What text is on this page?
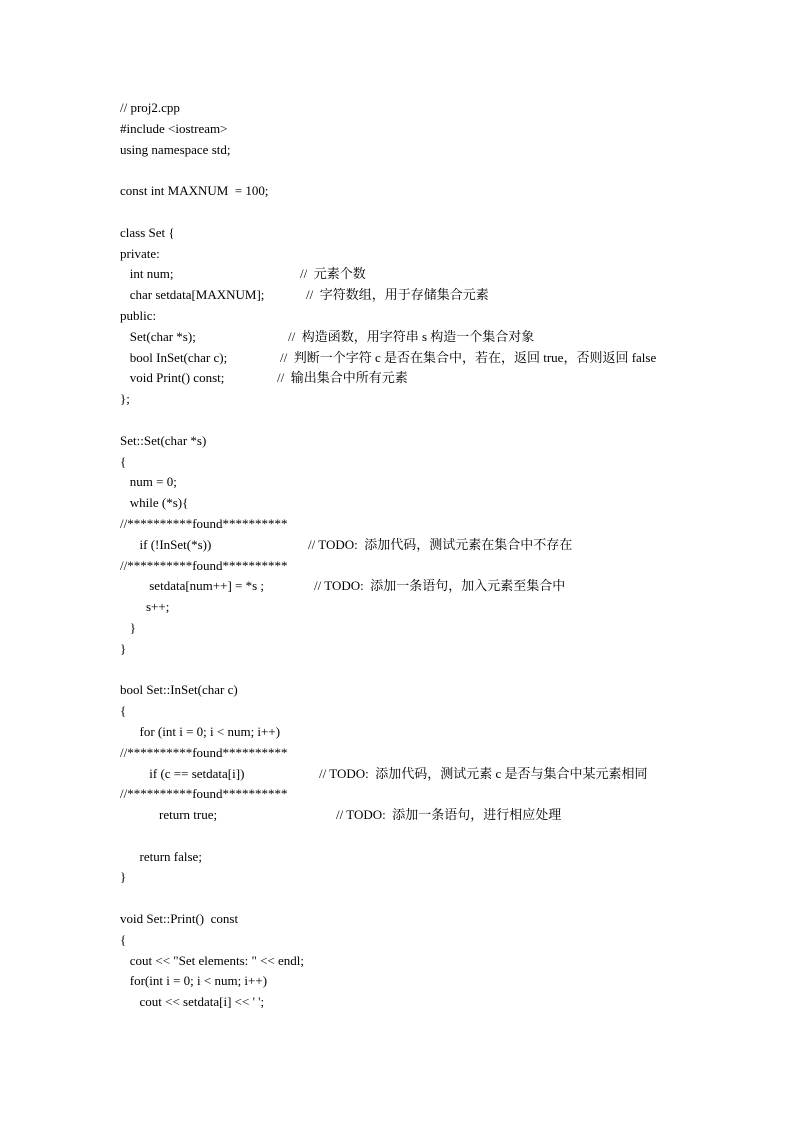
// proj2.cpp
#include <iostream>
using namespace std;
const int MAXNUM  = 100;
class Set {
private:
int num;	//  元素个数
char setdata[MAXNUM];	//  字符数组，用于存储集合元素
public:
Set(char *s);	//  构造函数，用字符串 s 构造一个集合对象
bool InSet(char c);	//  判断一个字符 c 是否在集合中，若在，返回 true，否则返回 false
void Print() const;	//  输出集合中所有元素
};
Set::Set(char *s)
{
num = 0;
while (*s){
//**********found**********
if (!InSet(*s))	// TODO:  添加代码，测试元素在集合中不存在
//**********found**********
setdata[num++] = *s ;	// TODO:  添加一条语句，加入元素至集合中
s++;
}
}
bool Set::InSet(char c)
{
for (int i = 0; i < num; i++)
//**********found**********
if (c == setdata[i])	// TODO:  添加代码，测试元素 c 是否与集合中某元素相同
//**********found**********
return true;	// TODO:  添加一条语句，进行相应处理
return false;
}
void Set::Print()  const
{
cout << "Set elements: " << endl;
for(int i = 0; i < num; i++)
cout << setdata[i] << ' ';
